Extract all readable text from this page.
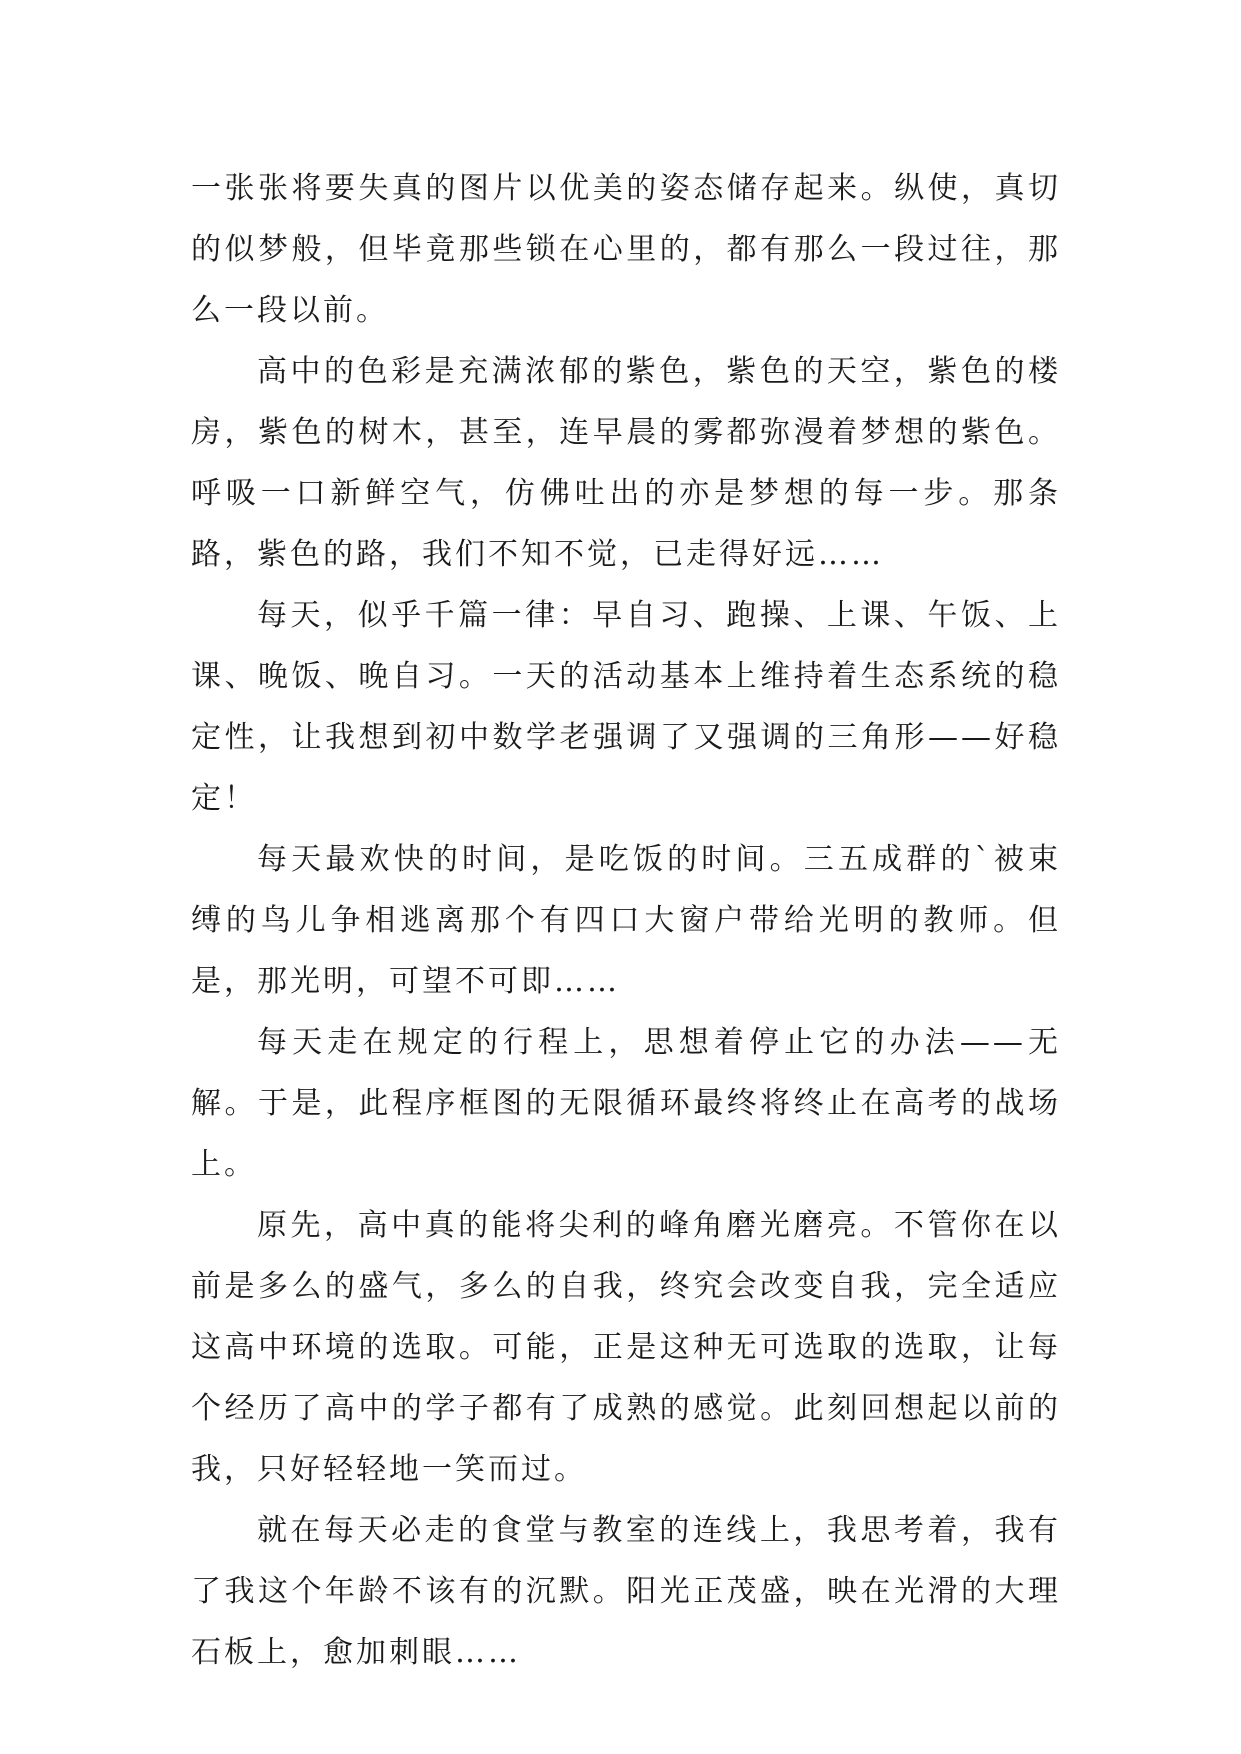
一张张将要失真的图片以优美的姿态储存起来。纵使，真切的似梦般，但毕竟那些锁在心里的，都有那么一段过往，那么一段以前。

高中的色彩是充满浓郁的紫色，紫色的天空，紫色的楼房，紫色的树木，甚至，连早晨的雾都弥漫着梦想的紫色。呼吸一口新鲜空气，仿佛吐出的亦是梦想的每一步。那条路，紫色的路，我们不知不觉，已走得好远……

每天，似乎千篇一律：早自习、跑操、上课、午饭、上课、晚饭、晚自习。一天的活动基本上维持着生态系统的稳定性，让我想到初中数学老强调了又强调的三角形——好稳定！

每天最欢快的时间，是吃饭的时间。三五成群的`被束缚的鸟儿争相逃离那个有四口大窗户带给光明的教师。但是，那光明，可望不可即……

每天走在规定的行程上，思想着停止它的办法——无解。于是，此程序框图的无限循环最终将终止在高考的战场上。

原先，高中真的能将尖利的峰角磨光磨亮。不管你在以前是多么的盛气，多么的自我，终究会改变自我，完全适应这高中环境的选取。可能，正是这种无可选取的选取，让每个经历了高中的学子都有了成熟的感觉。此刻回想起以前的我，只好轻轻地一笑而过。

就在每天必走的食堂与教室的连线上，我思考着，我有了我这个年龄不该有的沉默。阳光正茂盛，映在光滑的大理石板上，愈加刺眼……
